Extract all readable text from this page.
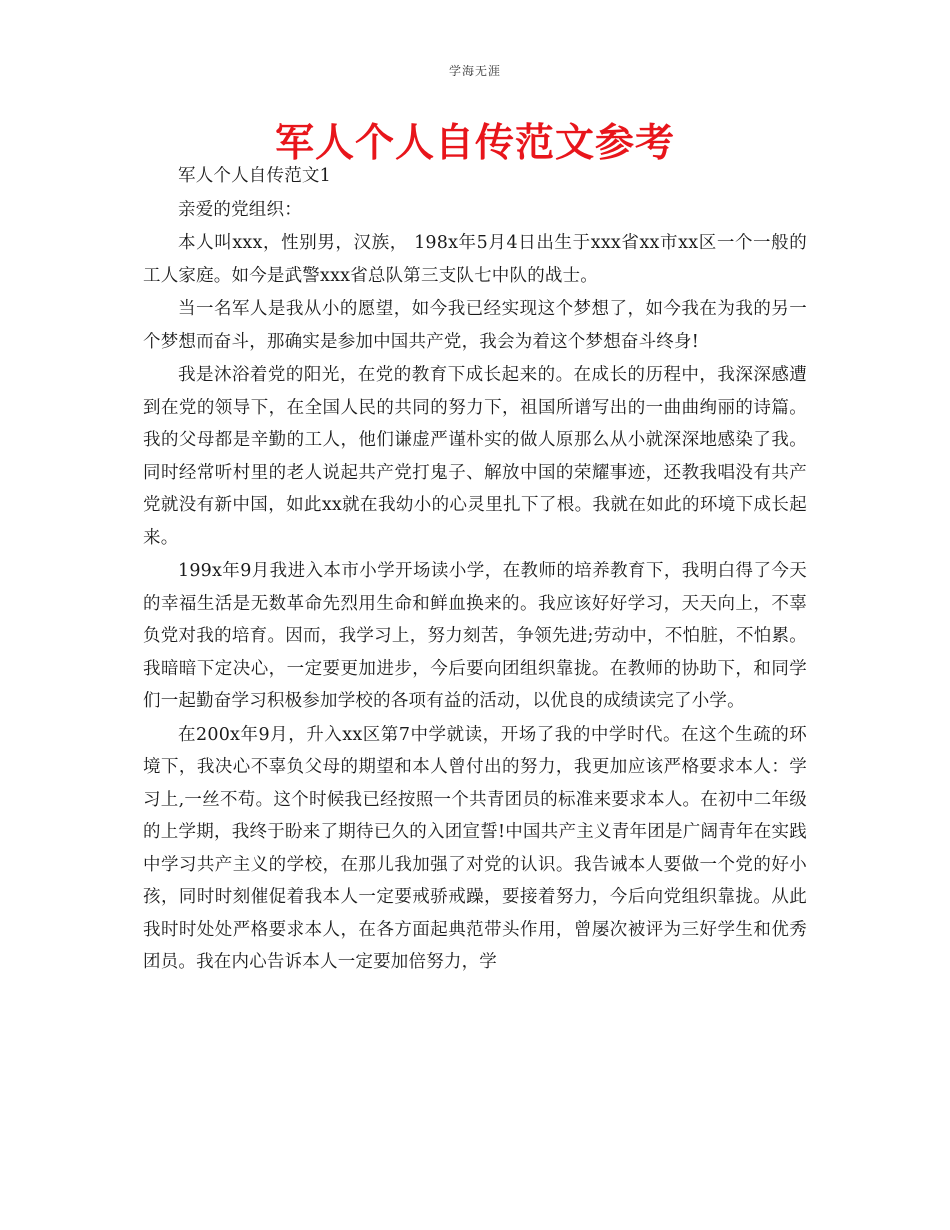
学海无涯
军人个人自传范文参考

军人个人自传范文1

亲爱的党组织：

本人叫xxx，性别男，汉族， 198x年5月4日出生于xxx省xx市xx区一个一般的工人家庭。如今是武警xxx省总队第三支队七中队的战士。

当一名军人是我从小的愿望，如今我已经实现这个梦想了，如今我在为我的另一个梦想而奋斗，那确实是参加中国共产党，我会为着这个梦想奋斗终身!

我是沐浴着党的阳光，在党的教育下成长起来的。在成长的历程中，我深深感遭到在党的领导下，在全国人民的共同的努力下，祖国所谱写出的一曲曲绚丽的诗篇。我的父母都是辛勤的工人，他们谦虚严谨朴实的做人原那么从小就深深地感染了我。同时经常听村里的老人说起共产党打鬼子、解放中国的荣耀事迹，还教我唱没有共产党就没有新中国，如此xx就在我幼小的心灵里扎下了根。我就在如此的环境下成长起来。

199x年9月我进入本市小学开场读小学，在教师的培养教育下，我明白得了今天的幸福生活是无数革命先烈用生命和鲜血换来的。我应该好好学习，天天向上，不辜负党对我的培育。因而，我学习上，努力刻苦，争领先进;劳动中，不怕脏，不怕累。我暗暗下定决心，一定要更加进步，今后要向团组织靠拢。在教师的协助下，和同学们一起勤奋学习积极参加学校的各项有益的活动，以优良的成绩读完了小学。

在200x年9月，升入xx区第7中学就读，开场了我的中学时代。在这个生疏的环境下，我决心不辜负父母的期望和本人曾付出的努力，我更加应该严格要求本人：学习上,一丝不苟。这个时候我已经按照一个共青团员的标准来要求本人。在初中二年级的上学期，我终于盼来了期待已久的入团宣誓!中国共产主义青年团是广阔青年在实践中学习共产主义的学校，在那儿我加强了对党的认识。我告诫本人要做一个党的好小孩，同时时刻催促着我本人一定要戒骄戒躁，要接着努力，今后向党组织靠拢。从此我时时处处严格要求本人，在各方面起典范带头作用，曾屡次被评为三好学生和优秀团员。我在内心告诉本人一定要加倍努力，学
